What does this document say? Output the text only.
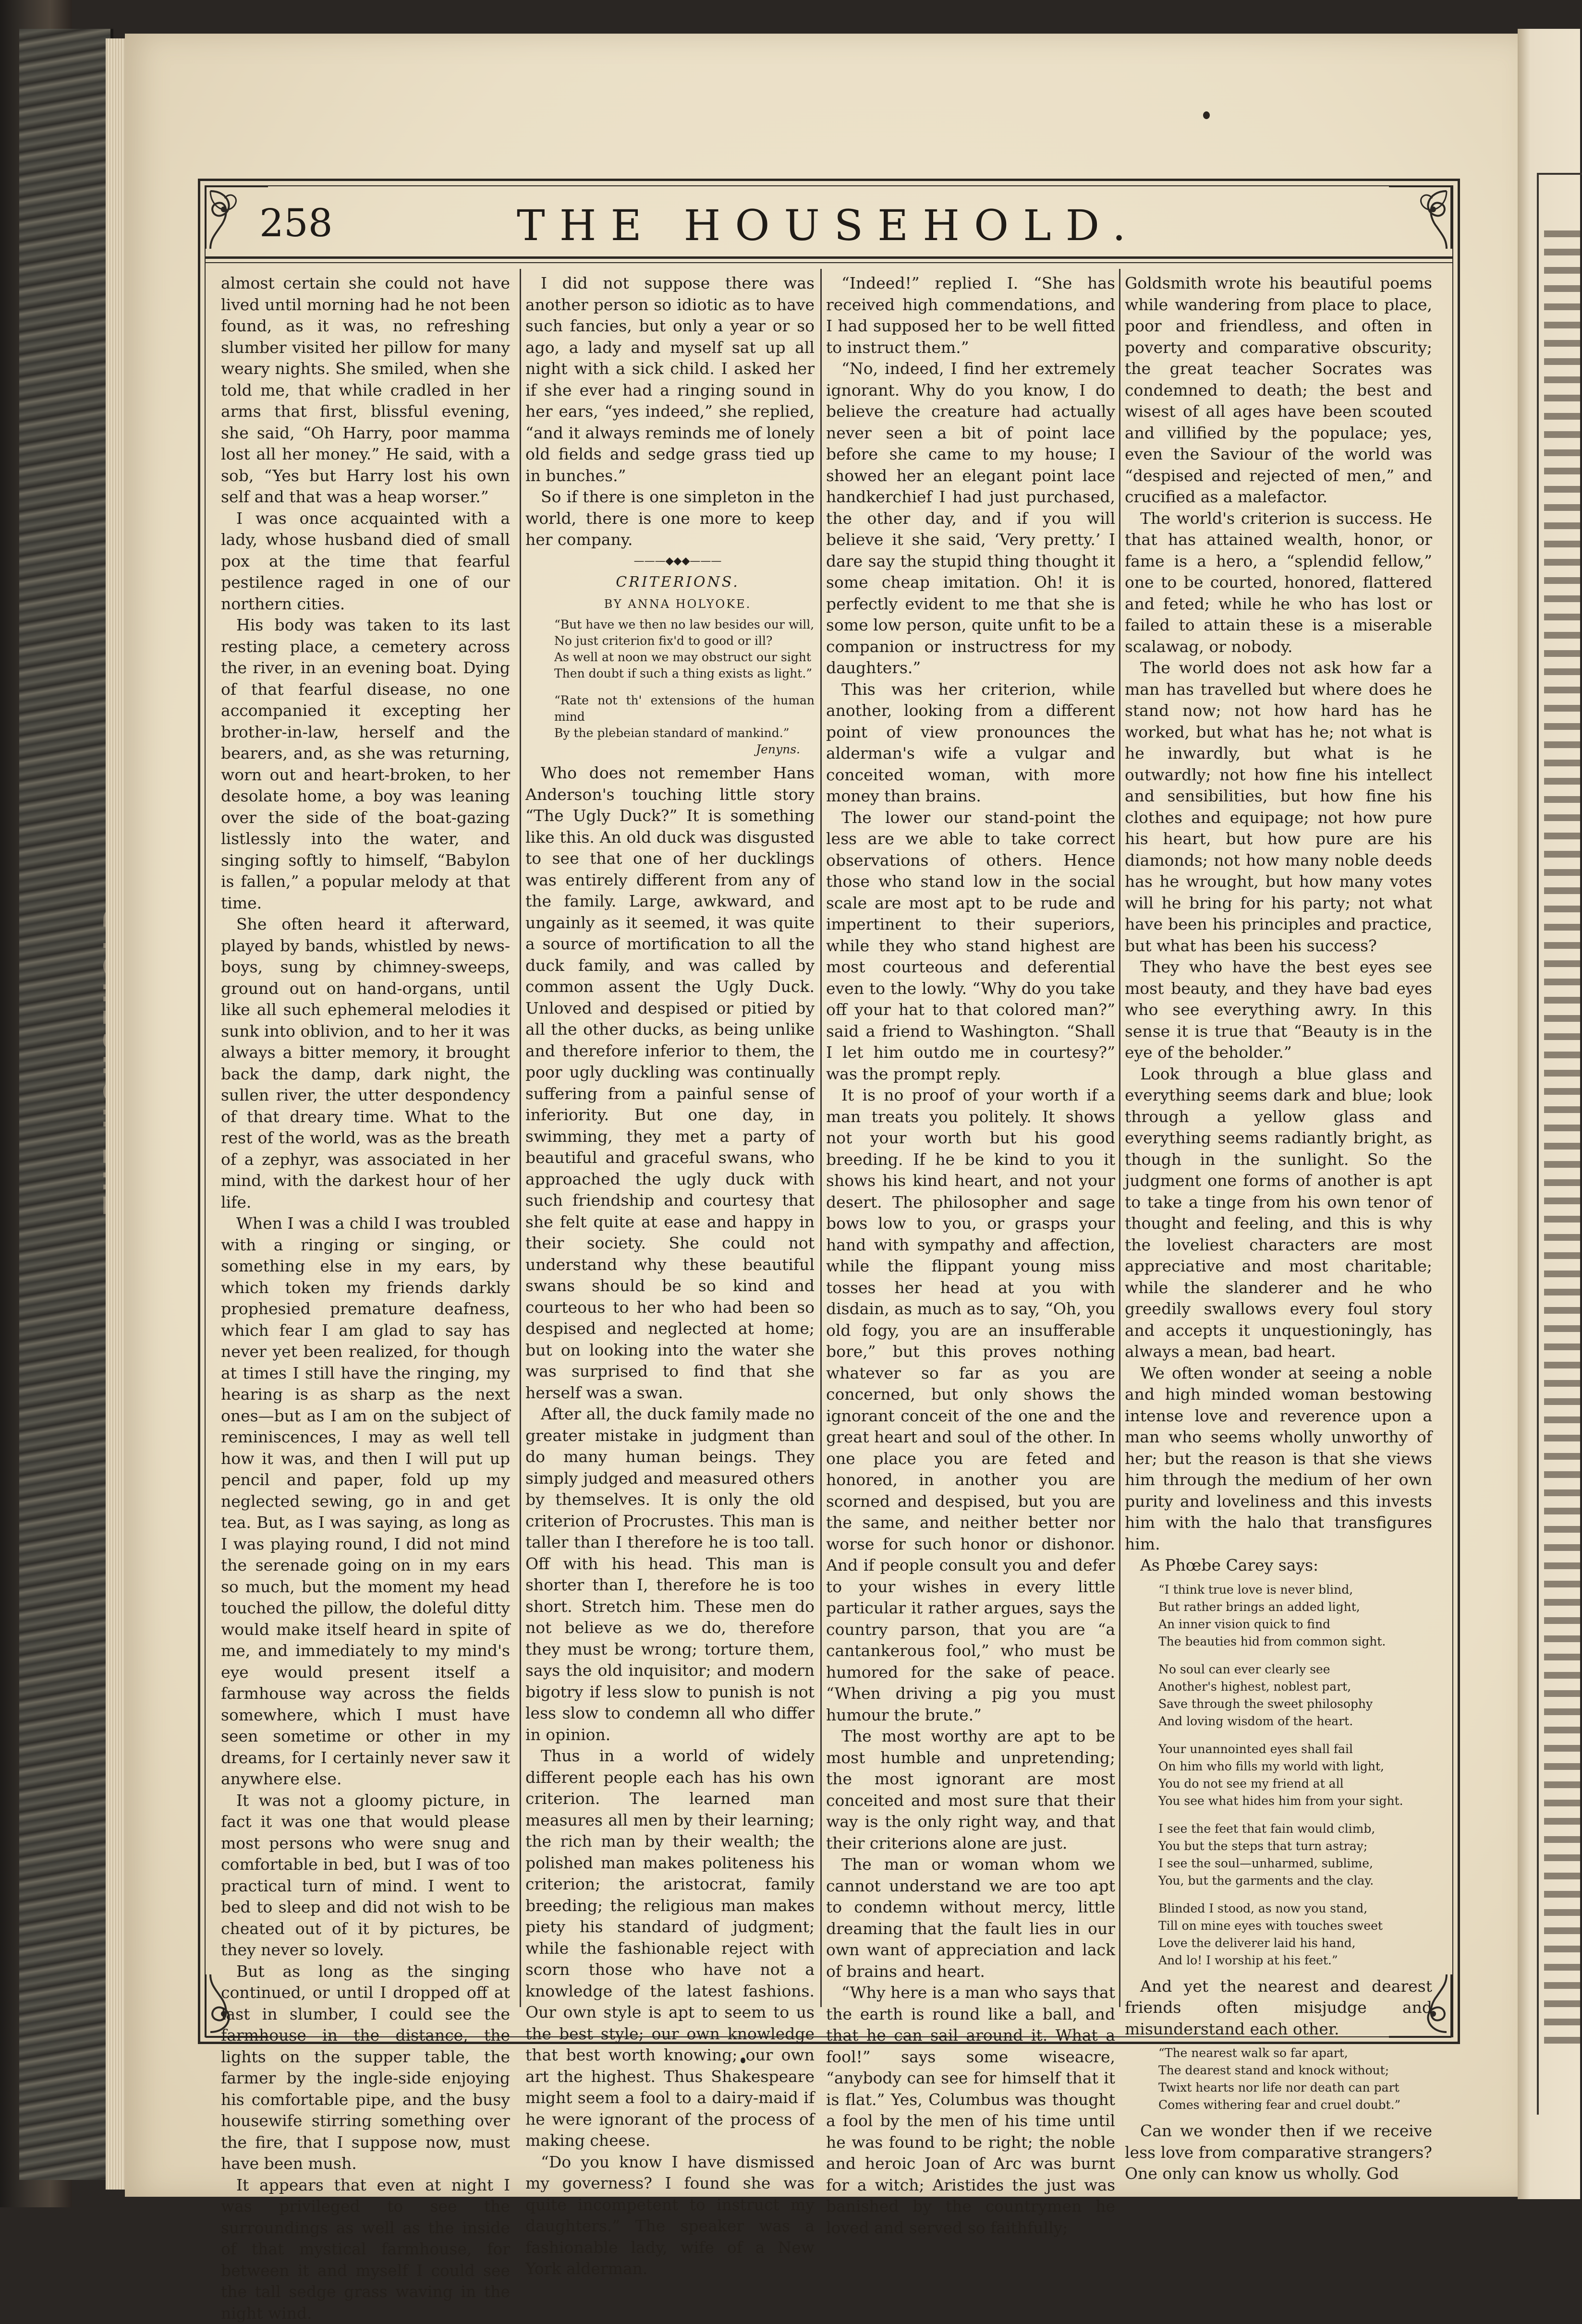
258	THE HOUSEHOLD.

almost certain she could not have lived until morning had he not been found, as it was, no refreshing slumber visited her pillow for many weary nights. She smiled, when she told me, that while cradled in her arms that first, blissful evening, she said, “Oh Harry, poor mamma lost all her money.” He said, with a sob, “Yes but Harry lost his own self and that was a heap worser.”

I was once acquainted with a lady, whose husband died of small pox at the time that fearful pestilence raged in one of our northern cities.

His body was taken to its last resting place, a cemetery across the river, in an evening boat. Dying of that fearful disease, no one accompanied it excepting her brother-in-law, herself and the bearers, and, as she was returning, worn out and heart-broken, to her desolate home, a boy was leaning over the side of the boat-gazing listlessly into the water, and singing softly to himself, “Babylon is fallen,” a popular melody at that time.

She often heard it afterward, played by bands, whistled by news-boys, sung by chimney-sweeps, ground out on hand-organs, until like all such ephemeral melodies it sunk into oblivion, and to her it was always a bitter memory, it brought back the damp, dark night, the sullen river, the utter despondency of that dreary time. What to the rest of the world, was as the breath of a zephyr, was associated in her mind, with the darkest hour of her life.

When I was a child I was troubled with a ringing or singing, or something else in my ears, by which token my friends darkly prophesied premature deafness, which fear I am glad to say has never yet been realized, for though at times I still have the ringing, my hearing is as sharp as the next ones—but as I am on the subject of reminiscences, I may as well tell how it was, and then I will put up pencil and paper, fold up my neglected sewing, go in and get tea. But, as I was saying, as long as I was playing round, I did not mind the serenade going on in my ears so much, but the moment my head touched the pillow, the doleful ditty would make itself heard in spite of me, and immediately to my mind's eye would present itself a farmhouse way across the fields somewhere, which I must have seen sometime or other in my dreams, for I certainly never saw it anywhere else.

It was not a gloomy picture, in fact it was one that would please most persons who were snug and comfortable in bed, but I was of too practical turn of mind. I went to bed to sleep and did not wish to be cheated out of it by pictures, be they never so lovely.

But as long as the singing continued, or until I dropped off at last in slumber, I could see the farmhouse in the distance, the lights on the supper table, the farmer by the ingle-side enjoying his comfortable pipe, and the busy housewife stirring something over the fire, that I suppose now, must have been mush.

It appears that even at night I was privileged to see the surroundings as well as the inside of that mystical farmhouse, for between it and myself I could see the tall sedge grass waving in the night wind.

I did not suppose there was another person so idiotic as to have such fancies, but only a year or so ago, a lady and myself sat up all night with a sick child. I asked her if she ever had a ringing sound in her ears, “yes indeed,” she replied, “and it always reminds me of lonely old fields and sedge grass tied up in bunches.”

So if there is one simpleton in the world, there is one more to keep her company.

———◆◆◆———

CRITERIONS.

BY ANNA HOLYOKE.

“But have we then no law besides our will,
No just criterion fix'd to good or ill?
As well at noon we may obstruct our sight
Then doubt if such a thing exists as light.”
“Rate not th' extensions of the human mind
By the plebeian standard of mankind.”
Jenyns.

Who does not remember Hans Anderson's touching little story “The Ugly Duck?” It is something like this. An old duck was disgusted to see that one of her ducklings was entirely different from any of the family. Large, awkward, and ungainly as it seemed, it was quite a source of mortification to all the duck family, and was called by common assent the Ugly Duck. Unloved and despised or pitied by all the other ducks, as being unlike and therefore inferior to them, the poor ugly duckling was continually suffering from a painful sense of inferiority. But one day, in swimming, they met a party of beautiful and graceful swans, who approached the ugly duck with such friendship and courtesy that she felt quite at ease and happy in their society. She could not understand why these beautiful swans should be so kind and courteous to her who had been so despised and neglected at home; but on looking into the water she was surprised to find that she herself was a swan.

After all, the duck family made no greater mistake in judgment than do many human beings. They simply judged and measured others by themselves. It is only the old criterion of Procrustes. This man is taller than I therefore he is too tall. Off with his head. This man is shorter than I, therefore he is too short. Stretch him. These men do not believe as we do, therefore they must be wrong; torture them, says the old inquisitor; and modern bigotry if less slow to punish is not less slow to condemn all who differ in opinion.

Thus in a world of widely different people each has his own criterion. The learned man measures all men by their learning; the rich man by their wealth; the polished man makes politeness his criterion; the aristocrat, family breeding; the religious man makes piety his standard of judgment; while the fashionable reject with scorn those who have not a knowledge of the latest fashions. Our own style is apt to seem to us the best style; our own knowledge that best worth knowing; our own art the highest. Thus Shakespeare might seem a fool to a dairy-maid if he were ignorant of the process of making cheese.

“Do you know I have dismissed my governess? I found she was quite incompetent to instruct my daughters.” The speaker was a fashionable lady, wife of a New York alderman.

“Indeed!” replied I. “She has received high commendations, and I had supposed her to be well fitted to instruct them.”

“No, indeed, I find her extremely ignorant. Why do you know, I do believe the creature had actually never seen a bit of point lace before she came to my house; I showed her an elegant point lace handkerchief I had just purchased, the other day, and if you will believe it she said, ‘Very pretty.’ I dare say the stupid thing thought it some cheap imitation. Oh! it is perfectly evident to me that she is some low person, quite unfit to be a companion or instructress for my daughters.”

This was her criterion, while another, looking from a different point of view pronounces the alderman's wife a vulgar and conceited woman, with more money than brains.

The lower our stand-point the less are we able to take correct observations of others. Hence those who stand low in the social scale are most apt to be rude and impertinent to their superiors, while they who stand highest are most courteous and deferential even to the lowly. “Why do you take off your hat to that colored man?” said a friend to Washington. “Shall I let him outdo me in courtesy?” was the prompt reply.

It is no proof of your worth if a man treats you politely. It shows not your worth but his good breeding. If he be kind to you it shows his kind heart, and not your desert. The philosopher and sage bows low to you, or grasps your hand with sympathy and affection, while the flippant young miss tosses her head at you with disdain, as much as to say, “Oh, you old fogy, you are an insufferable bore,” but this proves nothing whatever so far as you are concerned, but only shows the ignorant conceit of the one and the great heart and soul of the other. In one place you are feted and honored, in another you are scorned and despised, but you are the same, and neither better nor worse for such honor or dishonor. And if people consult you and defer to your wishes in every little particular it rather argues, says the country parson, that you are “a cantankerous fool,” who must be humored for the sake of peace. “When driving a pig you must humour the brute.”

The most worthy are apt to be most humble and unpretending; the most ignorant are most conceited and most sure that their way is the only right way, and that their criterions alone are just.

The man or woman whom we cannot understand we are too apt to condemn without mercy, little dreaming that the fault lies in our own want of appreciation and lack of brains and heart.

“Why here is a man who says that the earth is round like a ball, and that he can sail around it. What a fool!” says some wiseacre, “anybody can see for himself that it is flat.” Yes, Columbus was thought a fool by the men of his time until he was found to be right; the noble and heroic Joan of Arc was burnt for a witch; Aristides the just was banished by the countrymen he loved and served so faithfully;

Goldsmith wrote his beautiful poems while wandering from place to place, poor and friendless, and often in poverty and comparative obscurity; the great teacher Socrates was condemned to death; the best and wisest of all ages have been scouted and villified by the populace; yes, even the Saviour of the world was “despised and rejected of men,” and crucified as a malefactor.

The world's criterion is success. He that has attained wealth, honor, or fame is a hero, a “splendid fellow,” one to be courted, honored, flattered and feted; while he who has lost or failed to attain these is a miserable scalawag, or nobody.

The world does not ask how far a man has travelled but where does he stand now; not how hard has he worked, but what has he; not what is he inwardly, but what is he outwardly; not how fine his intellect and sensibilities, but how fine his clothes and equipage; not how pure his heart, but how pure are his diamonds; not how many noble deeds has he wrought, but how many votes will he bring for his party; not what have been his principles and practice, but what has been his success?

They who have the best eyes see most beauty, and they have bad eyes who see everything awry. In this sense it is true that “Beauty is in the eye of the beholder.”

Look through a blue glass and everything seems dark and blue; look through a yellow glass and everything seems radiantly bright, as though in the sunlight. So the judgment one forms of another is apt to take a tinge from his own tenor of thought and feeling, and this is why the loveliest characters are most appreciative and most charitable; while the slanderer and he who greedily swallows every foul story and accepts it unquestioningly, has always a mean, bad heart.

We often wonder at seeing a noble and high minded woman bestowing intense love and reverence upon a man who seems wholly unworthy of her; but the reason is that she views him through the medium of her own purity and loveliness and this invests him with the halo that transfigures him.

As Phœbe Carey says:

“I think true love is never blind,
But rather brings an added light,
An inner vision quick to find
The beauties hid from common sight.
No soul can ever clearly see
Another's highest, noblest part,
Save through the sweet philosophy
And loving wisdom of the heart.
Your unannointed eyes shall fail
On him who fills my world with light,
You do not see my friend at all
You see what hides him from your sight.
I see the feet that fain would climb,
You but the steps that turn astray;
I see the soul—unharmed, sublime,
You, but the garments and the clay.
Blinded I stood, as now you stand,
Till on mine eyes with touches sweet
Love the deliverer laid his hand,
And lo! I worship at his feet.”

And yet the nearest and dearest friends often misjudge and misunderstand each other.

“The nearest walk so far apart,
The dearest stand and knock without;
Twixt hearts nor life nor death can part
Comes withering fear and cruel doubt.”

Can we wonder then if we receive less love from comparative strangers? One only can know us wholly. God
